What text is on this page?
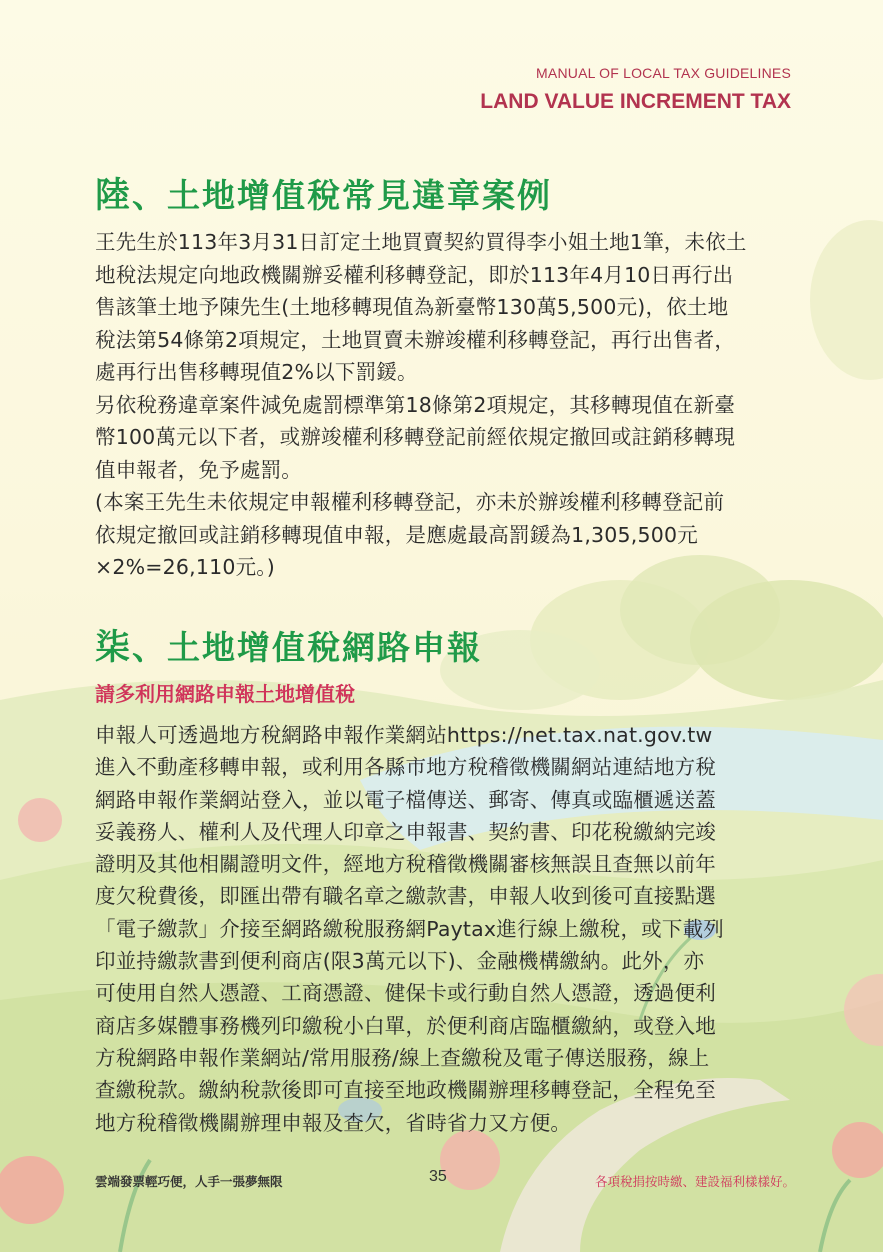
MANUAL OF LOCAL TAX GUIDELINES
LAND VALUE INCREMENT TAX
陸、土地增值稅常見違章案例
王先生於113年3月31日訂定土地買賣契約買得李小姐土地1筆，未依土
地稅法規定向地政機關辦妥權利移轉登記，即於113年4月10日再行出
售該筆土地予陳先生(土地移轉現值為新臺幣130萬5,500元)，依土地
稅法第54條第2項規定，土地買賣未辦竣權利移轉登記，再行出售者，
處再行出售移轉現值2%以下罰鍰。
另依稅務違章案件減免處罰標準第18條第2項規定，其移轉現值在新臺
幣100萬元以下者，或辦竣權利移轉登記前經依規定撤回或註銷移轉現
值申報者，免予處罰。
(本案王先生未依規定申報權利移轉登記，亦未於辦竣權利移轉登記前
依規定撤回或註銷移轉現值申報，是應處最高罰鍰為1,305,500元
×2%=26,110元。)
柒、土地增值稅網路申報
請多利用網路申報土地增值稅
申報人可透過地方稅網路申報作業網站https://net.tax.nat.gov.tw
進入不動產移轉申報，或利用各縣市地方稅稽徵機關網站連結地方稅
網路申報作業網站登入，並以電子檔傳送、郵寄、傳真或臨櫃遞送蓋
妥義務人、權利人及代理人印章之申報書、契約書、印花稅繳納完竣
證明及其他相關證明文件，經地方稅稽徵機關審核無誤且查無以前年
度欠稅費後，即匯出帶有職名章之繳款書，申報人收到後可直接點選
「電子繳款」介接至網路繳稅服務網Paytax進行線上繳稅，或下載列
印並持繳款書到便利商店(限3萬元以下)、金融機構繳納。此外，亦
可使用自然人憑證、工商憑證、健保卡或行動自然人憑證，透過便利
商店多媒體事務機列印繳稅小白單，於便利商店臨櫃繳納，或登入地
方稅網路申報作業網站/常用服務/線上查繳稅及電子傳送服務，線上
查繳稅款。繳納稅款後即可直接至地政機關辦理移轉登記，全程免至
地方稅稽徵機關辦理申報及查欠，省時省力又方便。
雲端發票輕巧便，人手一張夢無限	35	各項稅捐按時繳、建設福利樣樣好。
